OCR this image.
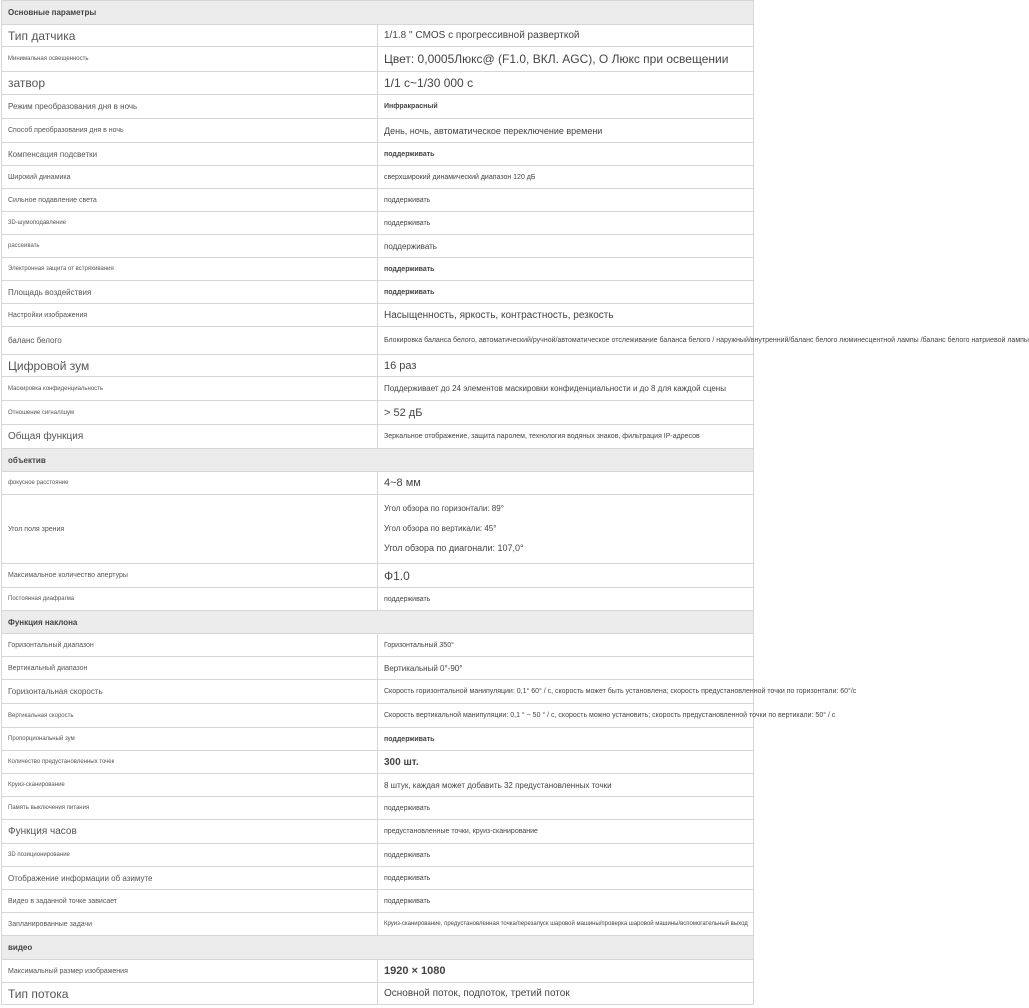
Основные параметры	
Тип датчика	1/1.8 " CMOS с прогрессивной разверткой
Минимальная освещенность	Цвет: 0,0005Люкс@ (F1.0, ВКЛ. AGC), О Люкс при освещении
затвор	1/1 с~1/30 000 с
Режим преобразования дня в ночь	Инфракрасный
Способ преобразования дня в ночь	День, ночь, автоматическое переключение времени
Компенсация подсветки	поддерживать
Широкий динамика	сверхширокий динамический диапазон 120 дБ
Сильное подавление света	поддерживать
3D-шумоподавление	поддерживать
рассеивать	поддерживать
Электронная защита от встряхивания	поддерживать
Площадь воздействия	поддерживать
Настройки изображения	Насыщенность, яркость, контрастность, резкость
баланс белого	Блокировка баланса белого, автоматический/ручной/автоматическое отслеживание баланса белого / наружный/внутренний/баланс белого люминесцентной лампы /баланс белого натриевой лампы
Цифровой зум	16 раз
Маскировка конфиденциальность	Поддерживает до 24 элементов маскировки конфиденциальности и до 8 для каждой сцены
Отношение сигнал/шум	> 52 дБ
Общая функция	Зеркальное отображение, защита паролем, технология водяных знаков, фильтрация IP-адресов
объектив	
фокусное расстояние	4~8 мм
Угол поля зрения	Угол обзора по горизонтали: 89°
Угол обзора по вертикали: 45°
Угол обзора по диагонали: 107,0°

Максимальное количество апертуры	Ф1.0
Постоянная диафрагма	поддерживать
Функция наклона	
Горизонтальный диапазон	Горизонтальный 350°
Вертикальный диапазон	Вертикальный 0°-90°
Горизонтальная скорость	Скорость горизонтальной манипуляции: 0,1° 60° / с, скорость может быть установлена; скорость предустановленной точки по горизонтали: 60°/с
Вертикальная скорость	Скорость вертикальной манипуляции: 0,1 ° ~ 50 ° / с, скорость можно установить; скорость предустановленной точки по вертикали: 50° / с
Пропорциональный зум	поддерживать
Количество предустановленных точек	300 шт.
Круиз-сканирование	8 штук, каждая может добавить 32 предустановленных точки
Память выключения питания	поддерживать
Функция часов	предустановленные точки, круиз-сканирование
3D позиционирование	поддерживать
Отображение информации об азимуте	поддерживать
Видео в заданной точке зависает	поддерживать
Запланированные задачи	Круиз-сканирование, предустановленная точка/перезапуск шаровой машины/проверка шаровой машины/вспомогательный выход
видео	
Максимальный размер изображения	1920 × 1080
Тип потока	Основной поток, подпоток, третий поток
